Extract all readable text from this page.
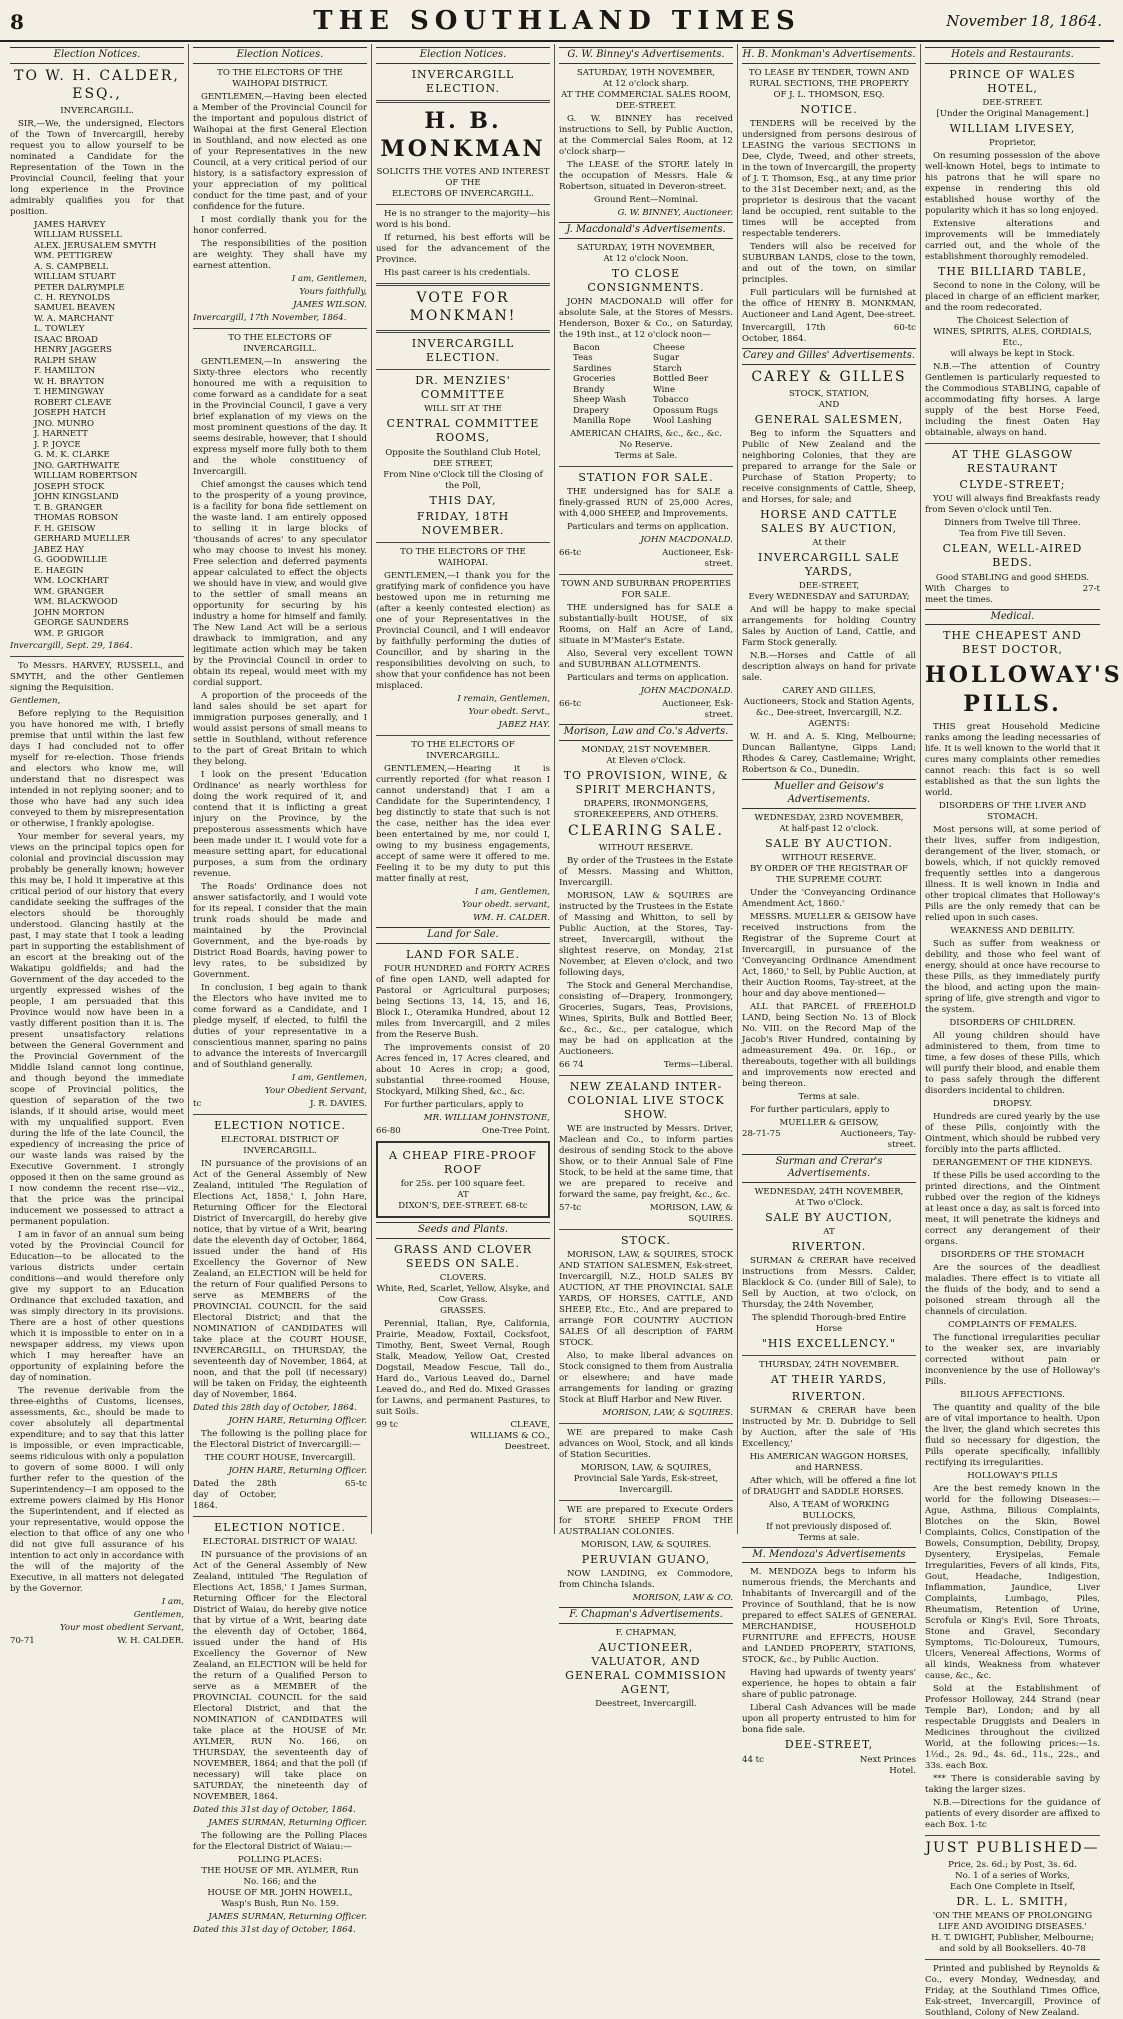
8	THE SOUTHLAND TIMES	November 18, 1864.
Election Notices.
TO W. H. CALDER, ESQ.,
INVERCARGILL.

SIR,—We, the undersigned, Electors of the Town of Invercargill, hereby request you to allow yourself to be nominated a Candidate for the Representation of the Town in the Provincial Council, feeling that your long experience in the Province admirably qualifies you for that position.

JAMES HARVEY
WILLIAM RUSSELL
ALEX. JERUSALEM SMYTH
WM. PETTIGREW
A. S. CAMPBELL
WILLIAM STUART
PETER DALRYMPLE
C. H. REYNOLDS
SAMUEL BEAVEN
W. A. MARCHANT
L. TOWLEY
ISAAC BROAD
HENRY JAGGERS
RALPH SHAW
F. HAMILTON
W. H. BRAYTON
T. HEMINGWAY
ROBERT CLEAVE
JOSEPH HATCH
JNO. MUNRO
J. HARNETT
J. P. JOYCE
G. M. K. CLARKE
JNO. GARTHWAITE
WILLIAM ROBERTSON
JOSEPH STOCK
JOHN KINGSLAND
T. B. GRANGER
THOMAS ROBSON
F. H. GEISOW
GERHARD MUELLER
JABEZ HAY
G. GOODWILLIE
E. HAEGIN
WM. LOCKHART
WM. GRANGER
WM. BLACKWOOD
JOHN MORTON
GEORGE SAUNDERS
WM. P. GRIGOR
Invercargill, Sept. 29, 1864.

To Messrs. HARVEY, RUSSELL, and SMYTH, and the other Gentlemen signing the Requisition.

Gentlemen,

Before replying to the Requisition you have honored me with, I briefly premise that until within the last few days I had concluded not to offer myself for re-election. Those friends and electors who know me, will understand that no disrespect was intended in not replying sooner; and to those who have had any such idea conveyed to them by misrepresentation or otherwise, I frankly apologise.

Your member for several years, my views on the principal topics open for colonial and provincial discussion may probably be generally known; however this may be, I hold it imperative at this critical period of our history that every candidate seeking the suffrages of the electors should be thoroughly understood. Glancing hastily at the past, I may state that I took a leading part in supporting the establishment of an escort at the breaking out of the Wakatipu goldfields; and had the Government of the day acceded to the urgently expressed wishes of the people, I am persuaded that this Province would now have been in a vastly different position than it is. The present unsatisfactory relations between the General Government and the Provincial Government of the Middle Island cannot long continue, and though beyond the immediate scope of Provincial politics, the question of separation of the two islands, if it should arise, would meet with my unqualified support. Even during the life of the late Council, the expediency of increasing the price of our waste lands was raised by the Executive Government. I strongly opposed it then on the same ground as I now condemn the recent rise—viz., that the price was the principal inducement we possessed to attract a permanent population.

I am in favor of an annual sum being voted by the Provincial Council for Education—to be allocated to the various districts under certain conditions—and would therefore only give my support to an Education Ordinance that excluded taxation, and was simply directory in its provisions. There are a host of other questions which it is impossible to enter on in a newspaper address, my views upon which I may hereafter have an opportunity of explaining before the day of nomination.

The revenue derivable from the three-eighths of Customs, licenses, assessments, &c., should be made to cover absolutely all departmental expenditure; and to say that this latter is impossible, or even impracticable, seems ridiculous with only a population to govern of some 8000. I will only further refer to the question of the Superintendency—I am opposed to the extreme powers claimed by His Honor the Superintendent, and if elected as your representative, would oppose the election to that office of any one who did not give full assurance of his intention to act only in accordance with the will of the majority of the Executive, in all matters not delegated by the Governor.

I am,
Gentlemen,
Your most obedient Servant,
70-71	W. H. CALDER.
Election Notices.
TO THE ELECTORS OF THE WAIHOPAI DISTRICT.

GENTLEMEN,—Having been elected a Member of the Provincial Council for the important and populous district of Waihopai at the first General Election in Southland, and now elected as one of your Representatives in the new Council, at a very critical period of our history, is a satisfactory expression of your appreciation of my political conduct for the time past, and of your confidence for the future.

I most cordially thank you for the honor conferred.

The responsibilities of the position are weighty. They shall have my earnest attention.

I am, Gentlemen,
Yours faithfully,
JAMES WILSON.
Invercargill, 17th November, 1864.
TO THE ELECTORS OF INVERCARGILL.

GENTLEMEN,—In answering the Sixty-three electors who recently honoured me with a requisition to come forward as a candidate for a seat in the Provincial Council, I gave a very brief explanation of my views on the most prominent questions of the day. It seems desirable, however, that I should express myself more fully both to them and the whole constituency of Invercargill.

Chief amongst the causes which tend to the prosperity of a young province, is a facility for bona fide settlement on the waste land. I am entirely opposed to selling it in large blocks of 'thousands of acres' to any speculator who may choose to invest his money. Free selection and deferred payments appear calculated to effect the objects we should have in view, and would give to the settler of small means an opportunity for securing by his industry a home for himself and family. The New Land Act will be a serious drawback to immigration, and any legitimate action which may be taken by the Provincial Council in order to obtain its repeal, would meet with my cordial support.

A proportion of the proceeds of the land sales should be set apart for immigration purposes generally, and I would assist persons of small means to settle in Southland, without reference to the part of Great Britain to which they belong.

I look on the present 'Education Ordinance' as nearly worthless for doing the work required of it, and contend that it is inflicting a great injury on the Province, by the preposterous assessments which have been made under it. I would vote for a measure setting apart, for educational purposes, a sum from the ordinary revenue.

The Roads' Ordinance does not answer satisfactorily, and I would vote for its repeal. I consider that the main trunk roads should be made and maintained by the Provincial Government, and the bye-roads by District Road Boards, having power to levy rates, to be subsidized by Government.

In conclusion, I beg again to thank the Electors who have invited me to come forward as a Candidate, and I pledge myself, if elected, to fulfil the duties of your representative in a conscientious manner, sparing no pains to advance the interests of Invercargill and of Southland generally.

I am, Gentlemen,
Your Obedient Servant,
tc	J. R. DAVIES.
ELECTION NOTICE.
ELECTORAL DISTRICT OF INVERCARGILL.

IN pursuance of the provisions of an Act of the General Assembly of New Zealand, intituled 'The Regulation of Elections Act, 1858,' I, John Hare, Returning Officer for the Electoral District of Invercargill, do hereby give notice, that by virtue of a Writ, bearing date the eleventh day of October, 1864, issued under the hand of His Excellency the Governor of New Zealand, an ELECTION will be held for the return of Four qualified Persons to serve as MEMBERS of the PROVINCIAL COUNCIL for the said Electoral District; and that the NOMINATION of CANDIDATES will take place at the COURT HOUSE, INVERCARGILL, on THURSDAY, the seventeenth day of November, 1864, at noon, and that the poll (if necessary) will be taken on Friday, the eighteenth day of November, 1864.

Dated this 28th day of October, 1864.
JOHN HARE, Returning Officer.

The following is the polling place for the Electoral District of Invercargill:—

THE COURT HOUSE, Invercargill.
JOHN HARE, Returning Officer.
Dated the 28th day of October, 1864.
65-tc
ELECTION NOTICE.
ELECTORAL DISTRICT OF WAIAU.

IN pursuance of the provisions of an Act of the General Assembly of New Zealand, intituled 'The Regulation of Elections Act, 1858,' I James Surman, Returning Officer for the Electoral District of Waiau, do hereby give notice that by virtue of a Writ, bearing date the eleventh day of October, 1864, issued under the hand of His Excellency the Governor of New Zealand, an ELECTION will be held for the return of a Qualified Person to serve as a MEMBER of the PROVINCIAL COUNCIL for the said Electoral District, and that the NOMINATION of CANDIDATES will take place at the HOUSE of Mr. AYLMER, RUN No. 166, on THURSDAY, the seventeenth day of NOVEMBER, 1864; and that the poll (if necessary) will take place on SATURDAY, the nineteenth day of NOVEMBER, 1864.

Dated this 31st day of October, 1864.
JAMES SURMAN, Returning Officer.

The following are the Polling Places for the Electoral District of Waiau:—

POLLING PLACES:
THE HOUSE OF MR. AYLMER, Run No. 166; and the
HOUSE OF MR. JOHN HOWELL, Wasp's Bush, Run No. 159.
JAMES SURMAN, Returning Officer.
Dated this 31st day of October, 1864.
Election Notices.
INVERCARGILL ELECTION.
H. B. MONKMAN
SOLICITS THE VOTES AND INTEREST
OF THE
ELECTORS OF INVERCARGILL.

He is no stranger to the majority—his word is his bond.

If returned, his best efforts will be used for the advancement of the Province.

His past career is his credentials.

VOTE FOR MONKMAN!
INVERCARGILL ELECTION.
DR. MENZIES' COMMITTEE
WILL SIT AT THE
CENTRAL COMMITTEE ROOMS,
Opposite the Southland Club Hotel,
DEE STREET,
From Nine o'Clock till the Closing of the Poll,
THIS DAY,
FRIDAY, 18TH NOVEMBER.
TO THE ELECTORS OF THE WAIHOPAI.

GENTLEMEN,—I thank you for the gratifying mark of confidence you have bestowed upon me in returning me (after a keenly contested election) as one of your Representatives in the Provincial Council, and I will endeavor by faithfully performing the duties of Councillor, and by sharing in the responsibilities devolving on such, to show that your confidence has not been misplaced.

I remain, Gentlemen,
Your obedt. Servt.,
JABEZ HAY.
TO THE ELECTORS OF INVERCARGILL.

GENTLEMEN,—Hearing it is currently reported (for what reason I cannot understand) that I am a Candidate for the Superintendency, I beg distinctly to state that such is not the case, neither has the idea ever been entertained by me, nor could I, owing to my business engagements, accept of same were it offered to me. Feeling it to be my duty to put this matter finally at rest,

I am, Gentlemen,
Your obedt. servant,
WM. H. CALDER.
Land for Sale.
LAND FOR SALE.

FOUR HUNDRED and FORTY ACRES of fine open LAND, well adapted for Pastoral or Agricultural purposes; being Sections 13, 14, 15, and 16, Block I., Oteramika Hundred, about 12 miles from Invercargill, and 2 miles from the Reserve Bush.

The improvements consist of 20 Acres fenced in, 17 Acres cleared, and about 10 Acres in crop; a good, substantial three-roomed House, Stockyard, Milking Shed, &c., &c.

For further particulars, apply to

MR. WILLIAM JOHNSTONE,
66-80	One-Tree Point.
A CHEAP FIRE-PROOF ROOF
for 25s. per 100 square feet.
AT
DIXON'S, DEE-STREET. 68-tc
Seeds and Plants.
GRASS AND CLOVER SEEDS ON SALE.
CLOVERS.
White, Red, Scarlet, Yellow, Alsyke, and Cow Grass.
GRASSES.

Perennial, Italian, Rye, California, Prairie, Meadow, Foxtail, Cocksfoot, Timothy, Bent, Sweet Vernal, Rough Stalk, Meadow, Yellow Oat, Crested Dogstail, Meadow Fescue, Tall do., Hard do., Various Leaved do., Darnel Leaved do., and Red do. Mixed Grasses for Lawns, and permanent Pastures, to suit Soils.

99 tc	CLEAVE, WILLIAMS & CO., Deestreet.
G. W. Binney's Advertisements.
SATURDAY, 19TH NOVEMBER,
At 12 o'clock sharp.
AT THE COMMERCIAL SALES ROOM,
DEE-STREET.

G. W. BINNEY has received instructions to Sell, by Public Auction, at the Commercial Sales Room, at 12 o'clock sharp—

The LEASE of the STORE lately in the occupation of Messrs. Hale & Robertson, situated in Deveron-street.

Ground Rent—Nominal.
G. W. BINNEY, Auctioneer.
J. Macdonald's Advertisements.
SATURDAY, 19TH NOVEMBER,
At 12 o'clock Noon.
TO CLOSE CONSIGNMENTS.

JOHN MACDONALD will offer for absolute Sale, at the Stores of Messrs. Henderson, Boxer & Co., on Saturday, the 19th inst., at 12 o'clock noon—

Bacon	Cheese
Teas	Sugar
Sardines	Starch
Groceries	Bottled Beer
Brandy	Wine
Sheep Wash	Tobacco
Drapery	Opossum Rugs
Manilla Rope	Wool Lashing
AMERICAN CHAIRS, &c., &c., &c.
No Reserve.
Terms at Sale.
STATION FOR SALE.

THE undersigned has for SALE a finely-grassed RUN of 25,000 Acres, with 4,000 SHEEP, and Improvements.

Particulars and terms on application.

JOHN MACDONALD.
66-tc	Auctioneer, Esk-street.
TOWN AND SUBURBAN PROPERTIES FOR SALE.

THE undersigned has for SALE a substantially-built HOUSE, of six Rooms, on Half an Acre of Land, situate in M'Master's Estate.

Also, Several very excellent TOWN and SUBURBAN ALLOTMENTS.

Particulars and terms on application.

JOHN MACDONALD.
66-tc	Auctioneer, Esk-street.
Morison, Law and Co.'s Adverts.
MONDAY, 21ST NOVEMBER.
At Eleven o'Clock.
TO PROVISION, WINE, & SPIRIT MERCHANTS,
DRAPERS, IRONMONGERS, STOREKEEPERS, AND OTHERS.
CLEARING SALE.
WITHOUT RESERVE.

By order of the Trustees in the Estate of Messrs. Massing and Whitton, Invercargill.

MORISON, LAW & SQUIRES are instructed by the Trustees in the Estate of Massing and Whitton, to sell by Public Auction, at the Stores, Tay-street, Invercargill, without the slightest reserve, on Monday, 21st November, at Eleven o'clock, and two following days,

The Stock and General Merchandise, consisting of—Drapery, Ironmongery, Groceries, Sugars, Teas, Provisions, Wines, Spirits, Bulk and Bottled Beer, &c., &c., &c., per catalogue, which may be had on application at the Auctioneers.

66 74	Terms—Liberal.
NEW ZEALAND INTER-COLONIAL LIVE STOCK SHOW.

WE are instructed by Messrs. Driver, Maclean and Co., to inform parties desirous of sending Stock to the above Show, or to their Annual Sale of Fine Stock, to be held at the same time, that we are prepared to receive and forward the same, pay freight, &c., &c.

57-tc	MORISON, LAW, & SQUIRES.
STOCK.

MORISON, LAW, & SQUIRES, STOCK AND STATION SALESMEN, Esk-street, Invercargill, N.Z., HOLD SALES BY AUCTION, AT THE PROVINCIAL SALE YARDS, OF HORSES, CATTLE, AND SHEEP, Etc., Etc., And are prepared to arrange FOR COUNTRY AUCTION SALES Of all description of FARM STOCK.

Also, to make liberal advances on Stock consigned to them from Australia or elsewhere; and have made arrangements for landing or grazing Stock at Bluff Harbor and New River.

MORISON, LAW, & SQUIRES.

WE are prepared to make Cash advances on Wool, Stock, and all kinds of Station Securities.

MORISON, LAW, & SQUIRES, Provincial Sale Yards, Esk-street, Invercargill.

WE are prepared to Execute Orders for STORE SHEEP FROM THE AUSTRALIAN COLONIES.

MORISON, LAW, & SQUIRES.
PERUVIAN GUANO,

NOW LANDING, ex Commodore, from Chincha Islands.

MORISON, LAW & CO.
F. Chapman's Advertisements.
F. CHAPMAN,
AUCTIONEER, VALUATOR, AND GENERAL COMMISSION AGENT,
Deestreet, Invercargill.
H. B. Monkman's Advertisements.
TO LEASE BY TENDER, TOWN AND RURAL SECTIONS, THE PROPERTY OF J. L. THOMSON, ESQ.
NOTICE.

TENDERS will be received by the undersigned from persons desirous of LEASING the various SECTIONS in Dee, Clyde, Tweed, and other streets, in the town of Invercargill, the property of J. T. Thomson, Esq., at any time prior to the 31st December next; and, as the proprietor is desirous that the vacant land be occupied, rent suitable to the times will be accepted from respectable tenderers.

Tenders will also be received for SUBURBAN LANDS, close to the town, and out of the town, on similar principles.

Full particulars will be furnished at the office of HENRY B. MONKMAN, Auctioneer and Land Agent, Dee-street.

Invercargill, 17th October, 1864.
60-tc
Carey and Gilles' Advertisements.
CAREY & GILLES
STOCK, STATION,
AND
GENERAL SALESMEN,

Beg to inform the Squatters and Public of New Zealand and the neighboring Colonies, that they are prepared to arrange for the Sale or Purchase of Station Property; to receive consignments of Cattle, Sheep, and Horses, for sale; and

HORSE AND CATTLE SALES BY AUCTION,
At their
INVERCARGILL SALE YARDS,
DEE-STREET,
Every WEDNESDAY and SATURDAY;

And will be happy to make special arrangements for holding Country Sales by Auction of Land, Cattle, and Farm Stock generally.

N.B.—Horses and Cattle of all description always on hand for private sale.

CAREY AND GILLES,
Auctioneers, Stock and Station Agents, &c., Dee-street, Invercargill, N.Z.
AGENTS:

W. H. and A. S. King, Melbourne; Duncan Ballantyne, Gipps Land; Rhodes & Carey, Castlemaine; Wright, Robertson & Co., Dunedin.

Mueller and Geisow's Advertisements.
WEDNESDAY, 23RD NOVEMBER,
At half-past 12 o'clock.
SALE BY AUCTION.
WITHOUT RESERVE.
BY ORDER OF THE REGISTRAR OF THE SUPREME COURT.

Under the 'Conveyancing Ordinance Amendment Act, 1860.'

MESSRS. MUELLER & GEISOW have received instructions from the Registrar of the Supreme Court at Invercargill, in pursuance of the 'Conveyancing Ordinance Amendment Act, 1860,' to Sell, by Public Auction, at their Auction Rooms, Tay-street, at the hour and day above mentioned—

ALL that PARCEL of FREEHOLD LAND, being Section No. 13 of Block No. VIII. on the Record Map of the Jacob's River Hundred, containing by admeasurement 49a. 0r. 16p., or thereabouts, together with all buildings and improvements now erected and being thereon.

Terms at sale.

For further particulars, apply to

MUELLER & GEISOW,
28-71-75	Auctioneers, Tay-street.
Surman and Crerar's Advertisements.
WEDNESDAY, 24TH NOVEMBER,
At Two o'Clock.
SALE BY AUCTION,
AT
RIVERTON.

SURMAN & CRERAR have received instructions from Messrs. Calder, Blacklock & Co. (under Bill of Sale), to Sell by Auction, at two o'clock, on Thursday, the 24th November,

The splendid Thorough-bred Entire Horse
"HIS EXCELLENCY."
THURSDAY, 24TH NOVEMBER.
AT THEIR YARDS,
RIVERTON.

SURMAN & CRERAR have been instructed by Mr. D. Dubridge to Sell by Auction, after the sale of 'His Excellency,'

His AMERICAN WAGGON HORSES, and HARNESS.

After which, will be offered a fine lot of DRAUGHT and SADDLE HORSES.

Also, A TEAM of WORKING BULLOCKS,
If not previously disposed of.
Terms at sale.
M. Mendoza's Advertisements

M. MENDOZA begs to inform his numerous friends, the Merchants and Inhabitants of Invercargill and of the Province of Southland, that he is now prepared to effect SALES of GENERAL MERCHANDISE, HOUSEHOLD FURNITURE and EFFECTS, HOUSE and LANDED PROPERTY, STATIONS, STOCK, &c., by Public Auction.

Having had upwards of twenty years' experience, he hopes to obtain a fair share of public patronage.

Liberal Cash Advances will be made upon all property entrusted to him for bona fide sale.

DEE-STREET,
44 tc	Next Princes Hotel.
Hotels and Restaurants.
PRINCE OF WALES HOTEL,
DEE-STREET.
[Under the Original Management.]
WILLIAM LIVESEY,
Proprietor,

On resuming possession of the above well-known Hotel, begs to intimate to his patrons that he will spare no expense in rendering this old established house worthy of the popularity which it has so long enjoyed.

Extensive alterations and improvements will be immediately carried out, and the whole of the establishment thoroughly remodeled.

THE BILLIARD TABLE,

Second to none in the Colony, will be placed in charge of an efficient marker, and the room redecorated.

The Choicest Selection of
WINES, SPIRITS, ALES, CORDIALS, Etc.,
will always be kept in Stock.

N.B.—The attention of Country Gentlemen is particularly requested to the Commodious STABLING, capable of accommodating fifty horses. A large supply of the best Horse Feed, including the finest Oaten Hay obtainable, always on hand.

AT THE GLASGOW RESTAURANT
CLYDE-STREET;

YOU will always find Breakfasts ready from Seven o'clock until Ten.

Dinners from Twelve till Three.
Tea from Five till Seven.
CLEAN, WELL-AIRED BEDS.
Good STABLING and good SHEDS.
With Charges to meet the times.
27-t
Medical.
THE CHEAPEST AND BEST DOCTOR,
HOLLOWAY'S PILLS.

THIS great Household Medicine ranks among the leading necessaries of life. It is well known to the world that it cures many complaints other remedies cannot reach: this fact is so well established as that the sun lights the world.

DISORDERS OF THE LIVER AND STOMACH.

Most persons will, at some period of their lives, suffer from indigestion, derangement of the liver, stomach, or bowels, which, if not quickly removed frequently settles into a dangerous illness. It is well known in India and other tropical climates that Holloway's Pills are the only remedy that can be relied upon in such cases.

WEAKNESS AND DEBILITY.

Such as suffer from weakness or debility, and those who feel want of energy, should at once have recourse to these Pills, as they immediately purify the blood, and acting upon the main-spring of life, give strength and vigor to the system.

DISORDERS OF CHILDREN.

All young children should have administered to them, from time to time, a few doses of these Pills, which will purify their blood, and enable them to pass safely through the different disorders incidental to children.

DROPSY.

Hundreds are cured yearly by the use of these Pills, conjointly with the Ointment, which should be rubbed very forcibly into the parts afflicted.

DERANGEMENT OF THE KIDNEYS.

If these Pills be used according to the printed directions, and the Ointment rubbed over the region of the kidneys at least once a day, as salt is forced into meat, it will penetrate the kidneys and correct any derangement of their organs.

DISORDERS OF THE STOMACH

Are the sources of the deadliest maladies. There effect is to vitiate all the fluids of the body, and to send a poisoned stream through all the channels of circulation.

COMPLAINTS OF FEMALES.

The functional irregularities peculiar to the weaker sex, are invariably corrected without pain or inconvenience by the use of Holloway's Pills.

BILIOUS AFFECTIONS.

The quantity and quality of the bile are of vital importance to health. Upon the liver, the gland which secretes this fluid so necessary for digestion, the Pills operate specifically, infallibly rectifying its irregularities.

HOLLOWAY'S PILLS

Are the best remedy known in the world for the following Diseases:—Ague, Asthma, Bilious Complaints, Blotches on the Skin, Bowel Complaints, Colics, Constipation of the Bowels, Consumption, Debility, Dropsy, Dysentery, Erysipelas, Female Irregularities, Fevers of all kinds, Fits, Gout, Headache, Indigestion, Inflammation, Jaundice, Liver Complaints, Lumbago, Piles, Rheumatism, Retention of Urine, Scrofula or King's Evil, Sore Throats, Stone and Gravel, Secondary Symptoms, Tic-Doloureux, Tumours, Ulcers, Venereal Affections, Worms of all kinds, Weakness from whatever cause, &c., &c.

Sold at the Establishment of Professor Holloway, 244 Strand (near Temple Bar), London; and by all respectable Druggists and Dealers in Medicines throughout the civilized World, at the following prices:—1s. 1½d., 2s. 9d., 4s. 6d., 11s., 22s., and 33s. each Box.

*** There is considerable saving by taking the larger sizes.

N.B.—Directions for the guidance of patients of every disorder are affixed to each Box. 1-tc

JUST PUBLISHED—
Price, 2s. 6d.; by Post, 3s. 6d.
No. 1 of a series of Works,
Each One Complete in Itself,
DR. L. L. SMITH,
'ON THE MEANS OF PROLONGING LIFE AND AVOIDING DISEASES.'
H. T. DWIGHT, Publisher, Melbourne; and sold by all Booksellers. 40-78

Printed and published by Reynolds & Co., every Monday, Wednesday, and Friday, at the Southland Times Office, Esk-street, Invercargill, Province of Southland, Colony of New Zealand.
